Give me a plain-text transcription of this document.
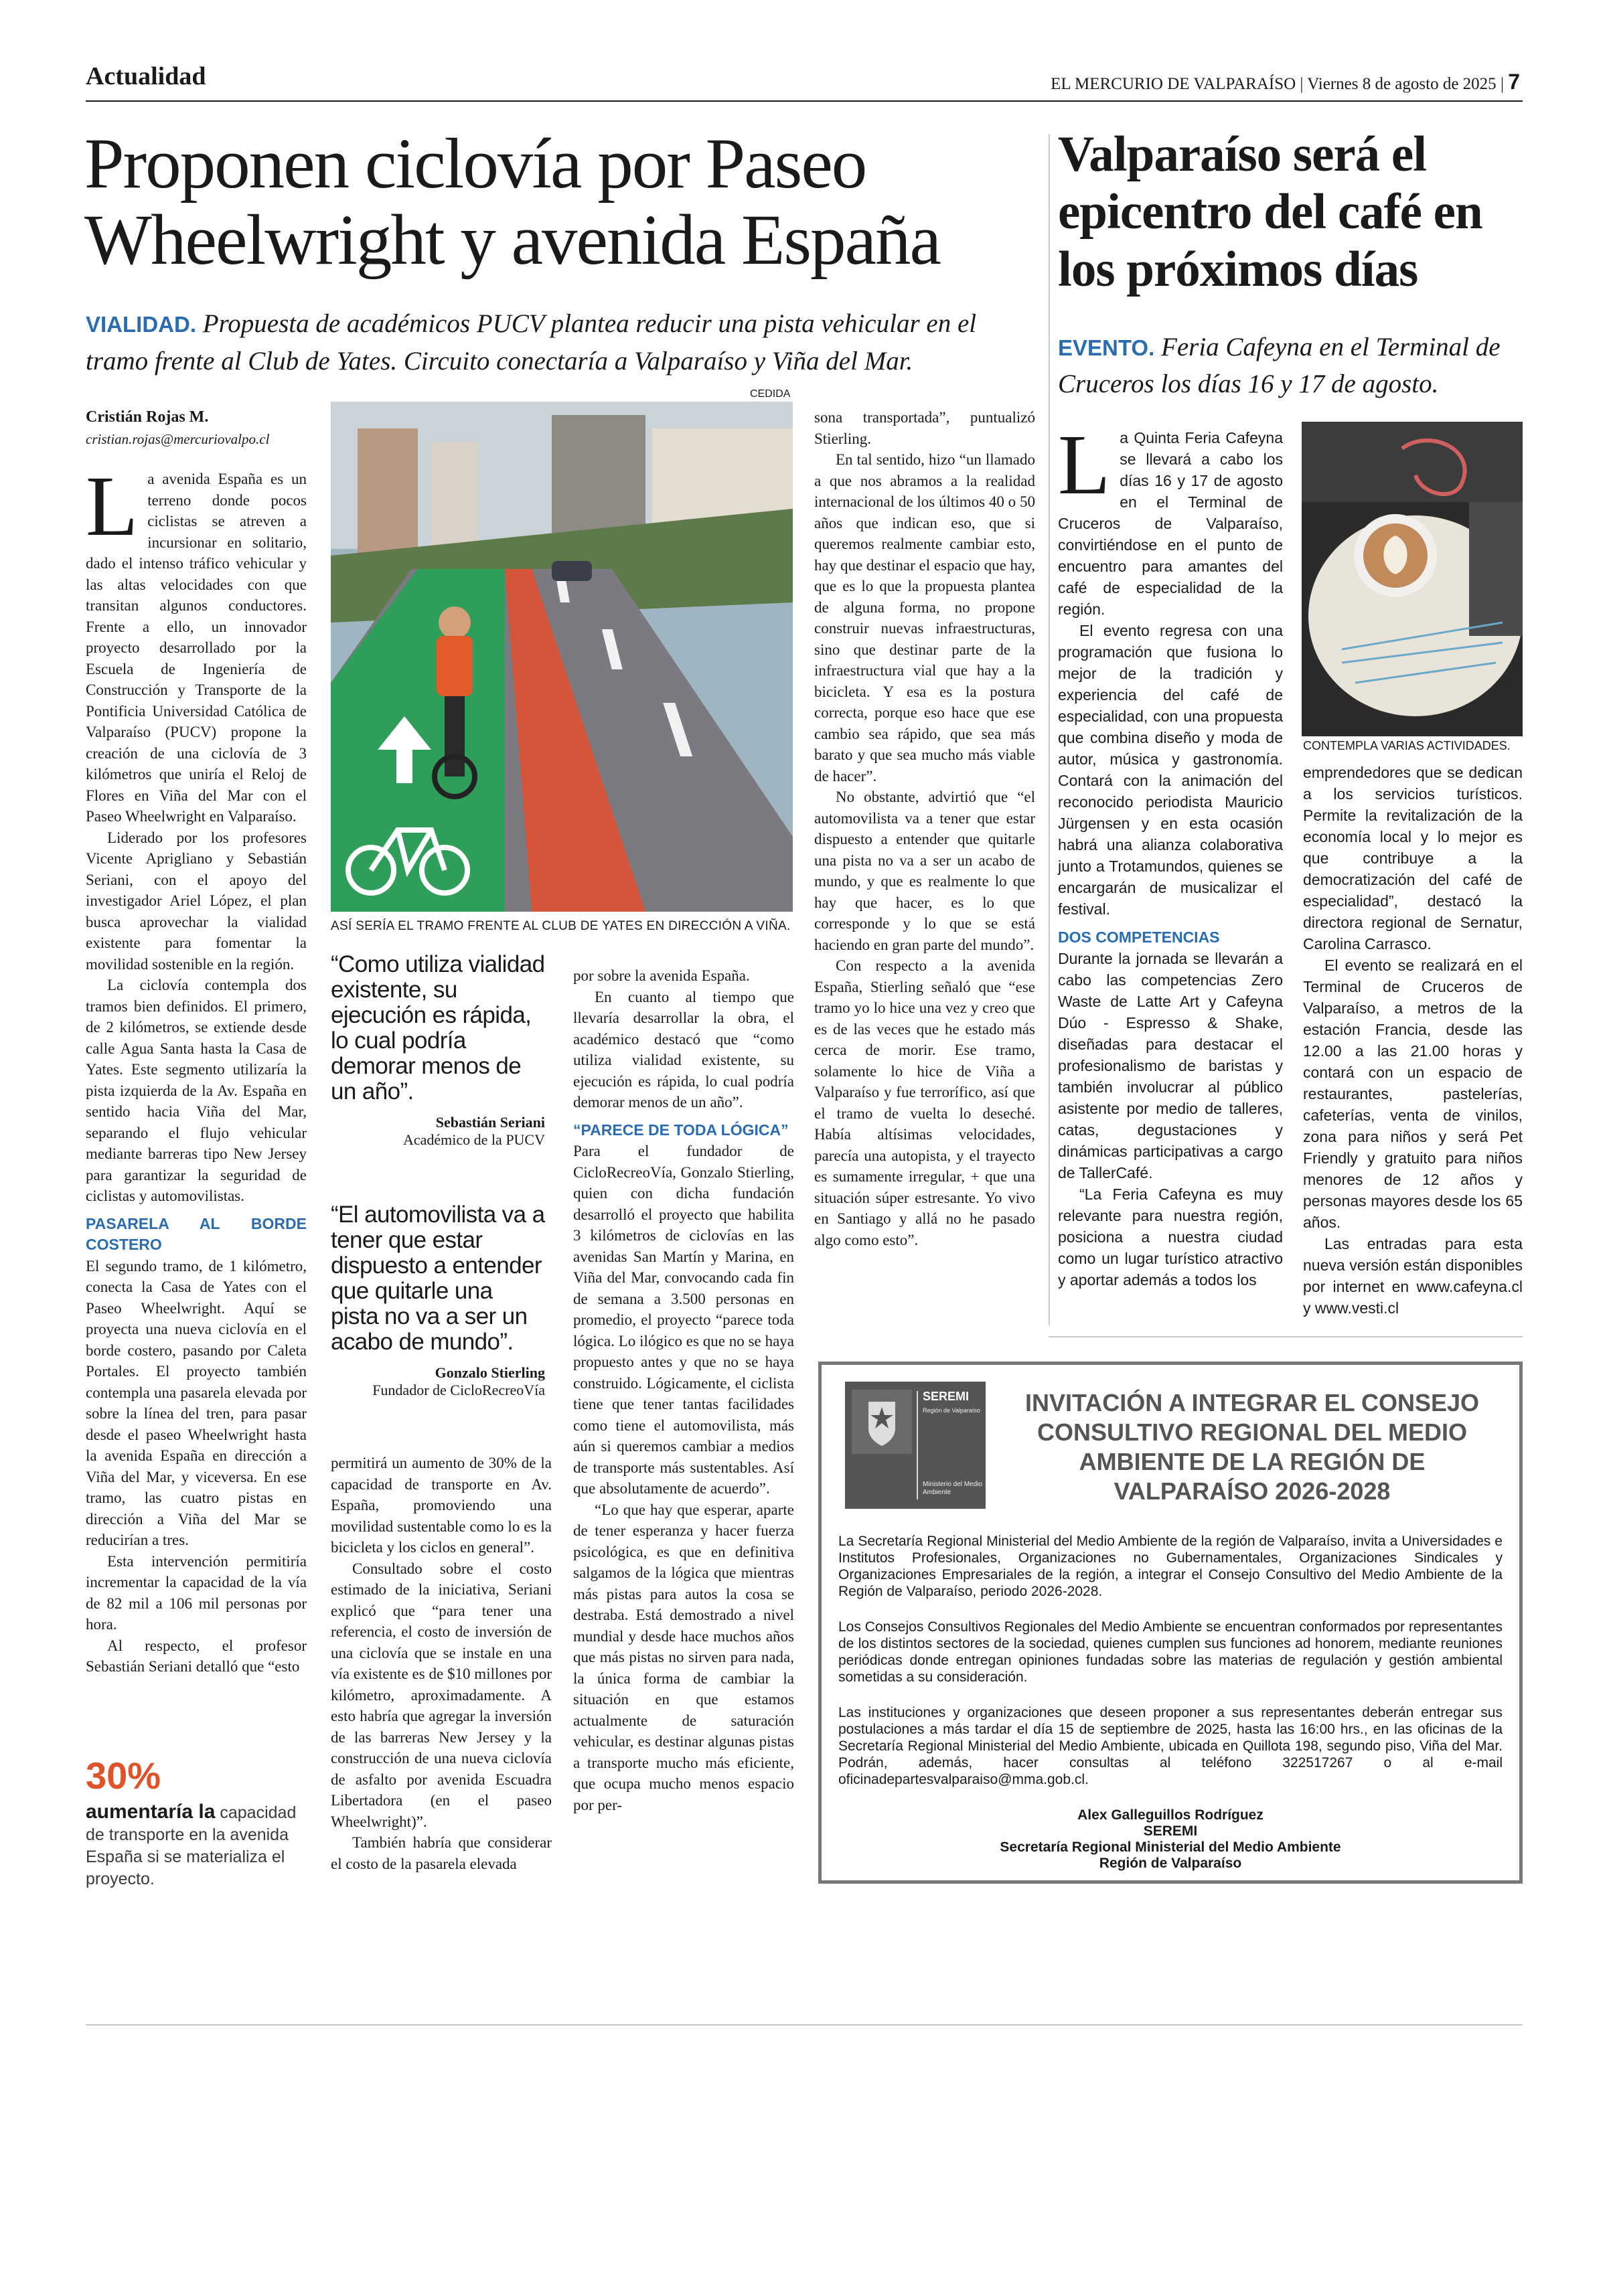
Actualidad	EL MERCURIO DE VALPARAÍSO | Viernes 8 de agosto de 2025 | 7
Proponen ciclovía por Paseo Wheelwright y avenida España
VIALIDAD. Propuesta de académicos PUCV plantea reducir una pista vehicular en el tramo frente al Club de Yates. Circuito conectaría a Valparaíso y Viña del Mar.
Cristián Rojas M.
cristian.rojas@mercuriovalpo.cl

L a avenida España es un terreno donde pocos ciclistas se atreven a incursionar en solitario, dado el intenso tráfico vehicular y las altas velocidades con que transitan algunos conductores. Frente a ello, un innovador proyecto desarrollado por la Escuela de Ingeniería de Construcción y Transporte de la Pontificia Universidad Católica de Valparaíso (PUCV) propone la creación de una ciclovía de 3 kilómetros que uniría el Reloj de Flores en Viña del Mar con el Paseo Wheelwright en Valparaíso.

Liderado por los profesores Vicente Aprigliano y Sebastián Seriani, con el apoyo del investigador Ariel López, el plan busca aprovechar la vialidad existente para fomentar la movilidad sostenible en la región.

La ciclovía contempla dos tramos bien definidos. El primero, de 2 kilómetros, se extiende desde calle Agua Santa hasta la Casa de Yates. Este segmento utilizaría la pista izquierda de la Av. España en sentido hacia Viña del Mar, separando el flujo vehicular mediante barreras tipo New Jersey para garantizar la seguridad de ciclistas y automovilistas.

PASARELA AL BORDE COSTERO

El segundo tramo, de 1 kilómetro, conecta la Casa de Yates con el Paseo Wheelwright. Aquí se proyecta una nueva ciclovía en el borde costero, pasando por Caleta Portales. El proyecto también contempla una pasarela elevada por sobre la línea del tren, para pasar desde el paseo Wheelwright hasta la avenida España en dirección a Viña del Mar, y viceversa. En ese tramo, las cuatro pistas en dirección a Viña del Mar se reducirían a tres.

Esta intervención permitiría incrementar la capacidad de la vía de 82 mil a 106 mil personas por hora.

Al respecto, el profesor Sebastián Seriani detalló que “esto

30%
aumentaría la capacidad de transporte en la avenida España si se materializa el proyecto.
CEDIDA
ASÍ SERÍA EL TRAMO FRENTE AL CLUB DE YATES EN DIRECCIÓN A VIÑA.
“Como utiliza vialidad existente, su ejecución es rápida, lo cual podría demorar menos de un año”.
Sebastián Seriani
Académico de la PUCV
“El automovilista va a tener que estar dispuesto a entender que quitarle una pista no va a ser un acabo de mundo”.
Gonzalo Stierling
Fundador de CicloRecreoVía

permitirá un aumento de 30% de la capacidad de transporte en Av. España, promoviendo una movilidad sustentable como lo es la bicicleta y los ciclos en general”.

Consultado sobre el costo estimado de la iniciativa, Seriani explicó que “para tener una referencia, el costo de inversión de una ciclovía que se instale en una vía existente es de $10 millones por kilómetro, aproximadamente. A esto habría que agregar la inversión de las barreras New Jersey y la construcción de una nueva ciclovía de asfalto por avenida Escuadra Libertadora (en el paseo Wheelwright)”.

También habría que considerar el costo de la pasarela elevada

por sobre la avenida España.

En cuanto al tiempo que llevaría desarrollar la obra, el académico destacó que “como utiliza vialidad existente, su ejecución es rápida, lo cual podría demorar menos de un año”.

“PARECE DE TODA LÓGICA”

Para el fundador de CicloRecreoVía, Gonzalo Stierling, quien con dicha fundación desarrolló el proyecto que habilita 3 kilómetros de ciclovías en las avenidas San Martín y Marina, en Viña del Mar, convocando cada fin de semana a 3.500 personas en promedio, el proyecto “parece toda lógica. Lo ilógico es que no se haya propuesto antes y que no se haya construido. Lógicamente, el ciclista tiene que tener tantas facilidades como tiene el automovilista, más aún si queremos cambiar a medios de transporte más sustentables. Así que absolutamente de acuerdo”.

“Lo que hay que esperar, aparte de tener esperanza y hacer fuerza psicológica, es que en definitiva salgamos de la lógica que mientras más pistas para autos la cosa se destraba. Está demostrado a nivel mundial y desde hace muchos años que más pistas no sirven para nada, la única forma de cambiar la situación en que estamos actualmente de saturación vehicular, es destinar algunas pistas a transporte mucho más eficiente, que ocupa mucho menos espacio por per-

sona transportada”, puntualizó Stierling.

En tal sentido, hizo “un llamado a que nos abramos a la realidad internacional de los últimos 40 o 50 años que indican eso, que si queremos realmente cambiar esto, hay que destinar el espacio que hay, que es lo que la propuesta plantea de alguna forma, no propone construir nuevas infraestructuras, sino que destinar parte de la infraestructura vial que hay a la bicicleta. Y esa es la postura correcta, porque eso hace que ese cambio sea rápido, que sea más barato y que sea mucho más viable de hacer”.

No obstante, advirtió que “el automovilista va a tener que estar dispuesto a entender que quitarle una pista no va a ser un acabo de mundo, y que es realmente lo que hay que hacer, es lo que corresponde y lo que se está haciendo en gran parte del mundo”.

Con respecto a la avenida España, Stierling señaló que “ese tramo yo lo hice una vez y creo que es de las veces que he estado más cerca de morir. Ese tramo, solamente lo hice de Viña a Valparaíso y fue terrorífico, así que el tramo de vuelta lo deseché. Había altísimas velocidades, parecía una autopista, y el trayecto es sumamente irregular, + que una situación súper estresante. Yo vivo en Santiago y allá no he pasado algo como esto”.

Valparaíso será el epicentro del café en los próximos días
EVENTO. Feria Cafeyna en el Terminal de Cruceros los días 16 y 17 de agosto.
CONTEMPLA VARIAS ACTIVIDADES.

L a Quinta Feria Cafeyna se llevará a cabo los días 16 y 17 de agosto en el Terminal de Cruceros de Valparaíso, convirtiéndose en el punto de encuentro para amantes del café de especialidad de la región.

El evento regresa con una programación que fusiona lo mejor de la tradición y experiencia del café de especialidad, con una propuesta que combina diseño y moda de autor, música y gastronomía. Contará con la animación del reconocido periodista Mauricio Jürgensen y en esta ocasión habrá una alianza colaborativa junto a Trotamundos, quienes se encargarán de musicalizar el festival.

DOS COMPETENCIAS

Durante la jornada se llevarán a cabo las competencias Zero Waste de Latte Art y Cafeyna Dúo - Espresso & Shake, diseñadas para destacar el profesionalismo de baristas y también involucrar al público asistente por medio de talleres, catas, degustaciones y dinámicas participativas a cargo de TallerCafé.

“La Feria Cafeyna es muy relevante para nuestra región, posiciona a nuestra ciudad como un lugar turístico atractivo y aportar además a todos los

emprendedores que se dedican a los servicios turísticos. Permite la revitalización de la economía local y lo mejor es que contribuye a la democratización del café de especialidad”, destacó la directora regional de Sernatur, Carolina Carrasco.

El evento se realizará en el Terminal de Cruceros de Valparaíso, a metros de la estación Francia, desde las 12.00 a las 21.00 horas y contará con un espacio de restaurantes, pastelerías, cafeterías, venta de vinilos, zona para niños y será Pet Friendly y gratuito para niños menores de 12 años y personas mayores desde los 65 años.

Las entradas para esta nueva versión están disponibles por internet en www.cafeyna.cl y www.vesti.cl

SEREMI
Región de Valparaíso
Ministerio del Medio Ambiente
INVITACIÓN A INTEGRAR EL CONSEJO CONSULTIVO REGIONAL DEL MEDIO AMBIENTE DE LA REGIÓN DE VALPARAÍSO 2026-2028

La Secretaría Regional Ministerial del Medio Ambiente de la región de Valparaíso, invita a Universidades e Institutos Profesionales, Organizaciones no Gubernamentales, Organizaciones Sindicales y Organizaciones Empresariales de la región, a integrar el Consejo Consultivo del Medio Ambiente de la Región de Valparaíso, periodo 2026-2028.

Los Consejos Consultivos Regionales del Medio Ambiente se encuentran conformados por representantes de los distintos sectores de la sociedad, quienes cumplen sus funciones ad honorem, mediante reuniones periódicas donde entregan opiniones fundadas sobre las materias de regulación y gestión ambiental sometidas a su consideración.

Las instituciones y organizaciones que deseen proponer a sus representantes deberán entregar sus postulaciones a más tardar el día 15 de septiembre de 2025, hasta las 16:00 hrs., en las oficinas de la Secretaría Regional Ministerial del Medio Ambiente, ubicada en Quillota 198, segundo piso, Viña del Mar. Podrán, además, hacer consultas al teléfono 322517267 o al e-mail oficinadepartesvalparaiso@mma.gob.cl.

Alex Galleguillos Rodríguez
SEREMI
Secretaría Regional Ministerial del Medio Ambiente
Región de Valparaíso
